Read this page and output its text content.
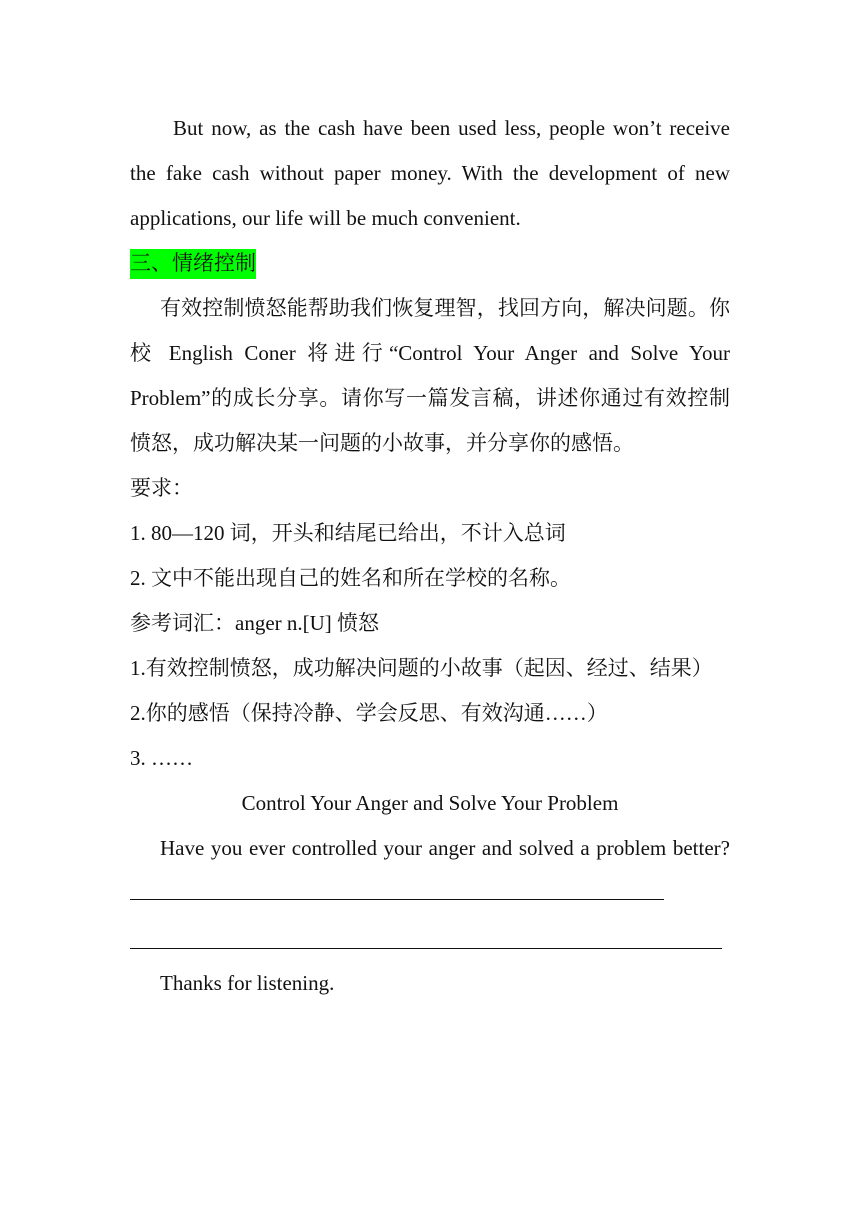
But now, as the cash have been used less, people won’t receive the fake cash without paper money. With the development of new applications, our life will be much convenient.

三、情绪控制

有效控制愤怒能帮助我们恢复理智，找回方向，解决问题。你校 English Coner 将进行“Control Your Anger and Solve Your Problem”的成长分享。请你写一篇发言稿，讲述你通过有效控制愤怒，成功解决某一问题的小故事，并分享你的感悟。

要求：

1. 80—120 词，开头和结尾已给出，不计入总词

2. 文中不能出现自己的姓名和所在学校的名称。

参考词汇：anger n.[U] 愤怒

1.有效控制愤怒，成功解决问题的小故事（起因、经过、结果）

2.你的感悟（保持冷静、学会反思、有效沟通……）

3. ……

Control Your Anger and Solve Your Problem

Have you ever controlled your anger and solved a problem better?

Thanks for listening.
